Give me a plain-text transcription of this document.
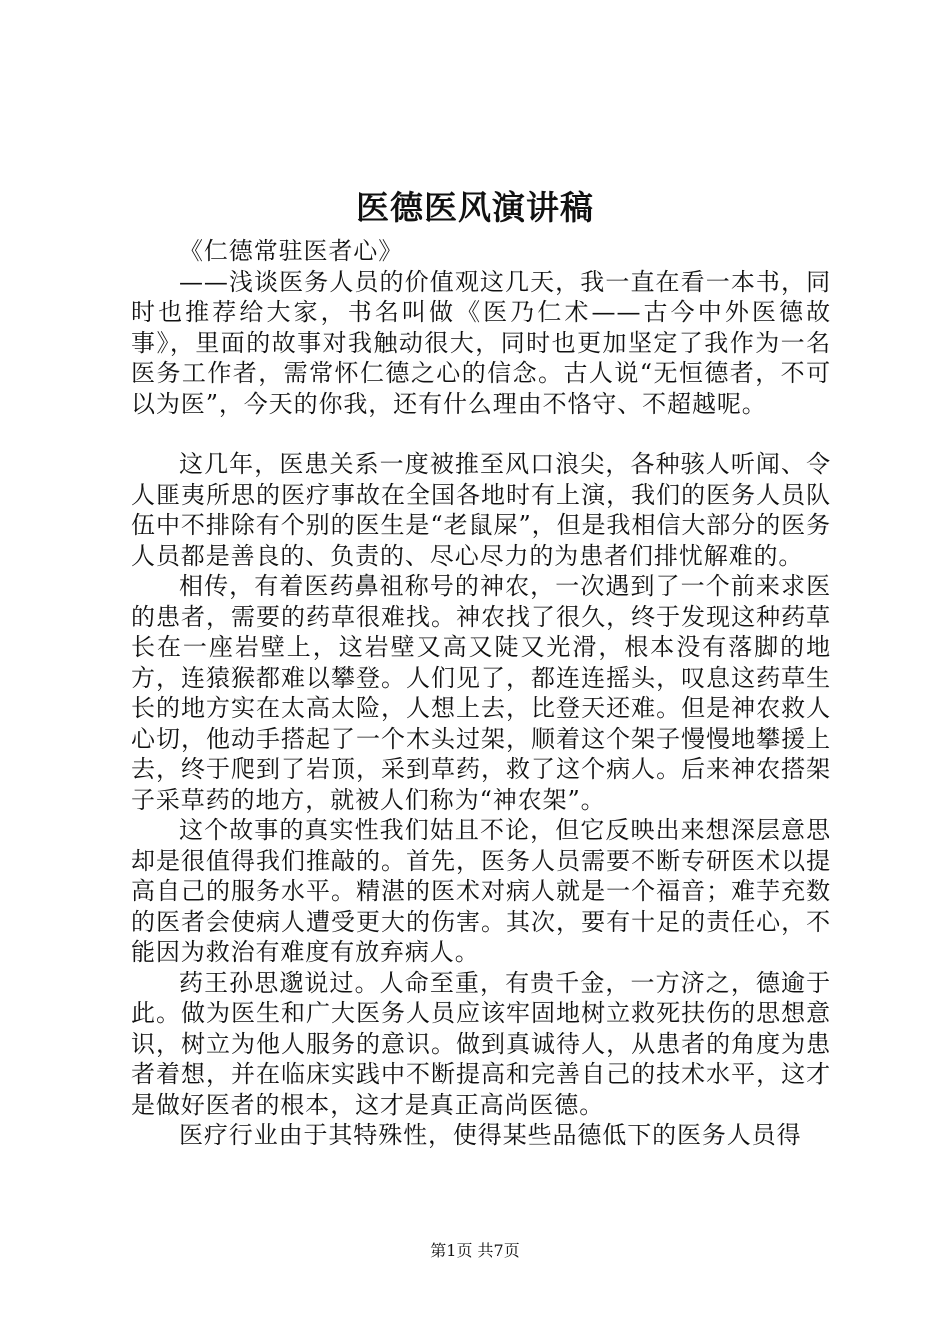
医德医风演讲稿

《仁德常驻医者心》

——浅谈医务人员的价值观这几天，我一直在看一本书，同时也推荐给大家，书名叫做《医乃仁术——古今中外医德故事》，里面的故事对我触动很大，同时也更加坚定了我作为一名医务工作者，需常怀仁德之心的信念。古人说“无恒德者，不可以为医”，今天的你我，还有什么理由不恪守、不超越呢。

这几年，医患关系一度被推至风口浪尖，各种骇人听闻、令人匪夷所思的医疗事故在全国各地时有上演，我们的医务人员队伍中不排除有个别的医生是“老鼠屎”，但是我相信大部分的医务人员都是善良的、负责的、尽心尽力的为患者们排忧解难的。

相传，有着医药鼻祖称号的神农，一次遇到了一个前来求医的患者，需要的药草很难找。神农找了很久，终于发现这种药草长在一座岩壁上，这岩壁又高又陡又光滑，根本没有落脚的地方，连猿猴都难以攀登。人们见了，都连连摇头，叹息这药草生长的地方实在太高太险，人想上去，比登天还难。但是神农救人心切，他动手搭起了一个木头过架，顺着这个架子慢慢地攀援上去，终于爬到了岩顶，采到草药，救了这个病人。后来神农搭架子采草药的地方，就被人们称为“神农架”。

这个故事的真实性我们姑且不论，但它反映出来想深层意思却是很值得我们推敲的。首先，医务人员需要不断专研医术以提高自己的服务水平。精湛的医术对病人就是一个福音；难芋充数的医者会使病人遭受更大的伤害。其次，要有十足的责任心，不能因为救治有难度有放弃病人。

药王孙思邈说过。人命至重，有贵千金，一方济之，德逾于此。做为医生和广大医务人员应该牢固地树立救死扶伤的思想意识，树立为他人服务的意识。做到真诚待人，从患者的角度为患者着想，并在临床实践中不断提高和完善自己的技术水平，这才是做好医者的根本，这才是真正高尚医德。

医疗行业由于其特殊性，使得某些品德低下的医务人员得

第1页 共7页
